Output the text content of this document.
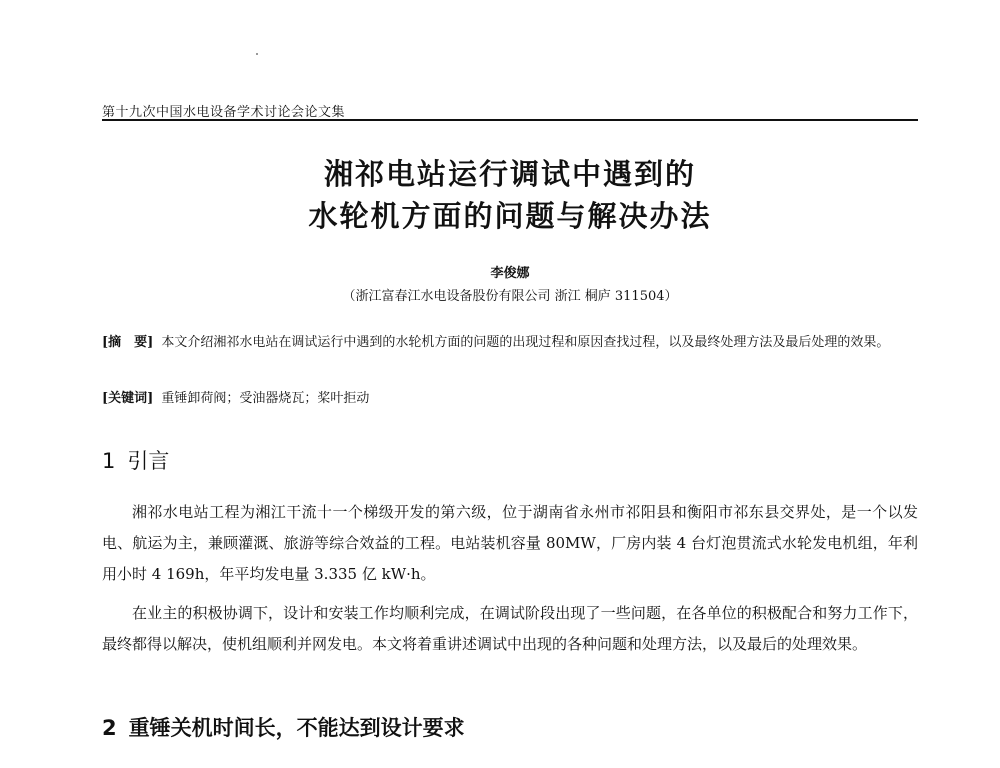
第十九次中国水电设备学术讨论会论文集
湘祁电站运行调试中遇到的
水轮机方面的问题与解决办法
李俊娜
（浙江富春江水电设备股份有限公司 浙江 桐庐 311504）
[摘　要] 本文介绍湘祁水电站在调试运行中遇到的水轮机方面的问题的出现过程和原因查找过程，以及最终处理方法及最后处理的效果。
[关键词] 重锤卸荷阀；受油器烧瓦；桨叶拒动
1 引言

湘祁水电站工程为湘江干流十一个梯级开发的第六级，位于湖南省永州市祁阳县和衡阳市祁东县交界处，是一个以发电、航运为主，兼顾灌溉、旅游等综合效益的工程。电站装机容量 80MW，厂房内装 4 台灯泡贯流式水轮发电机组，年利用小时 4 169h，年平均发电量 3.335 亿 kW·h。

在业主的积极协调下，设计和安装工作均顺利完成，在调试阶段出现了一些问题，在各单位的积极配合和努力工作下，最终都得以解决，使机组顺利并网发电。本文将着重讲述调试中出现的各种问题和处理方法，以及最后的处理效果。

2 重锤关机时间长，不能达到设计要求
